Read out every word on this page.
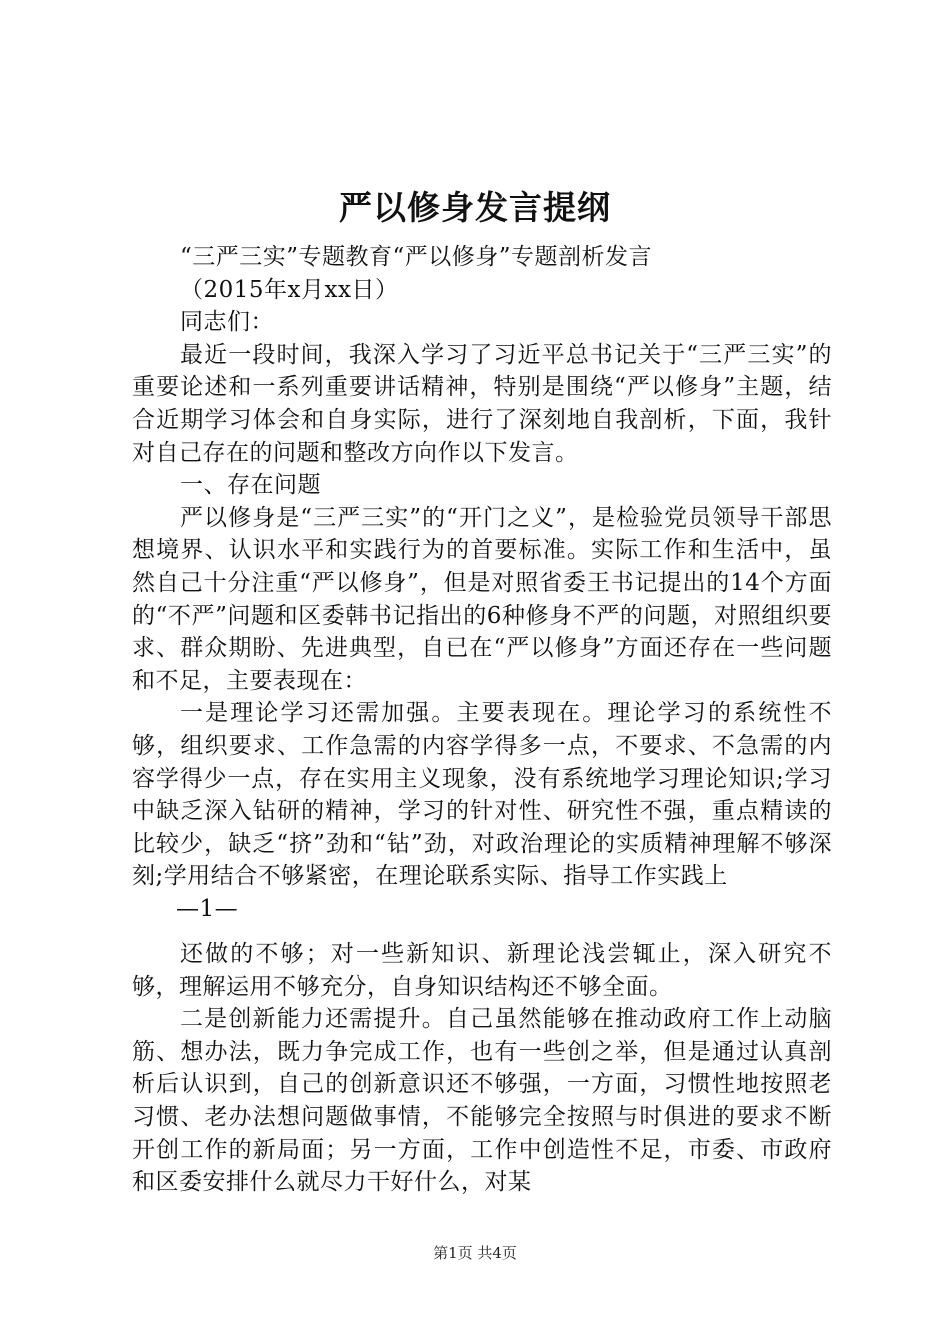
严以修身发言提纲
“三严三实”专题教育“严以修身”专题剖析发言

（2015年x月xx日）

同志们：

最近一段时间，我深入学习了习近平总书记关于“三严三实”的重要论述和一系列重要讲话精神，特别是围绕“严以修身”主题，结合近期学习体会和自身实际，进行了深刻地自我剖析，下面，我针对自己存在的问题和整改方向作以下发言。

一、存在问题

严以修身是“三严三实”的“开门之义”，是检验党员领导干部思想境界、认识水平和实践行为的首要标准。实际工作和生活中，虽然自己十分注重“严以修身”，但是对照省委王书记提出的14个方面的“不严”问题和区委韩书记指出的6种修身不严的问题，对照组织要求、群众期盼、先进典型，自已在“严以修身”方面还存在一些问题和不足，主要表现在：

一是理论学习还需加强。主要表现在。理论学习的系统性不够，组织要求、工作急需的内容学得多一点，不要求、不急需的内容学得少一点，存在实用主义现象，没有系统地学习理论知识;学习中缺乏深入钻研的精神，学习的针对性、研究性不强，重点精读的比较少，缺乏“挤”劲和“钻”劲，对政治理论的实质精神理解不够深刻;学用结合不够紧密，在理论联系实际、指导工作实践上

—1—

还做的不够；对一些新知识、新理论浅尝辄止，深入研究不够，理解运用不够充分，自身知识结构还不够全面。

二是创新能力还需提升。自己虽然能够在推动政府工作上动脑筋、想办法，既力争完成工作，也有一些创之举，但是通过认真剖析后认识到，自己的创新意识还不够强，一方面，习惯性地按照老习惯、老办法想问题做事情，不能够完全按照与时俱进的要求不断开创工作的新局面；另一方面，工作中创造性不足，市委、市政府和区委安排什么就尽力干好什么，对某

第1页 共4页
